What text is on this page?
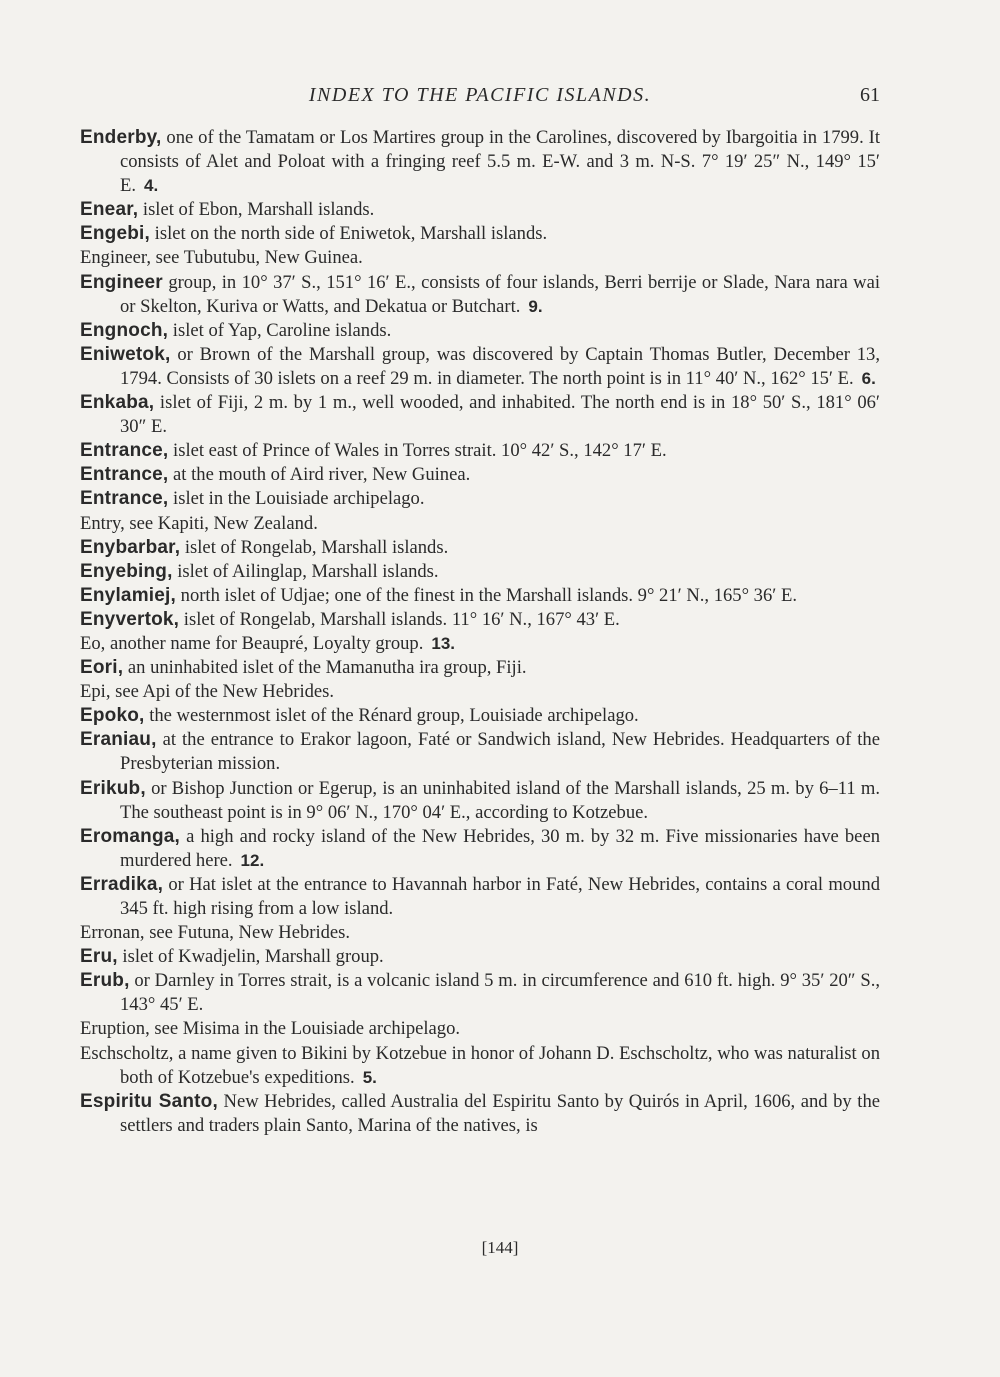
INDEX TO THE PACIFIC ISLANDS.	61

Enderby, one of the Tamatam or Los Martires group in the Carolines, discovered by Ibargoitia in 1799. It consists of Alet and Poloat with a fringing reef 5.5 m. E-W. and 3 m. N-S. 7° 19′ 25″ N., 149° 15′ E. 4.

Enear, islet of Ebon, Marshall islands.

Engebi, islet on the north side of Eniwetok, Marshall islands.

Engineer, see Tubutubu, New Guinea.

Engineer group, in 10° 37′ S., 151° 16′ E., consists of four islands, Berri berrije or Slade, Nara nara wai or Skelton, Kuriva or Watts, and Dekatua or Butchart. 9.

Engnoch, islet of Yap, Caroline islands.

Eniwetok, or Brown of the Marshall group, was discovered by Captain Thomas Butler, December 13, 1794. Consists of 30 islets on a reef 29 m. in diameter. The north point is in 11° 40′ N., 162° 15′ E. 6.

Enkaba, islet of Fiji, 2 m. by 1 m., well wooded, and inhabited. The north end is in 18° 50′ S., 181° 06′ 30″ E.

Entrance, islet east of Prince of Wales in Torres strait. 10° 42′ S., 142° 17′ E.

Entrance, at the mouth of Aird river, New Guinea.

Entrance, islet in the Louisiade archipelago.

Entry, see Kapiti, New Zealand.

Enybarbar, islet of Rongelab, Marshall islands.

Enyebing, islet of Ailinglap, Marshall islands.

Enylamiej, north islet of Udjae; one of the finest in the Marshall islands. 9° 21′ N., 165° 36′ E.

Enyvertok, islet of Rongelab, Marshall islands. 11° 16′ N., 167° 43′ E.

Eo, another name for Beaupré, Loyalty group. 13.

Eori, an uninhabited islet of the Mamanutha ira group, Fiji.

Epi, see Api of the New Hebrides.

Epoko, the westernmost islet of the Rénard group, Louisiade archipelago.

Eraniau, at the entrance to Erakor lagoon, Faté or Sandwich island, New Hebrides. Headquarters of the Presbyterian mission.

Erikub, or Bishop Junction or Egerup, is an uninhabited island of the Marshall islands, 25 m. by 6–11 m. The southeast point is in 9° 06′ N., 170° 04′ E., according to Kotzebue.

Eromanga, a high and rocky island of the New Hebrides, 30 m. by 32 m. Five missionaries have been murdered here. 12.

Erradika, or Hat islet at the entrance to Havannah harbor in Faté, New Hebrides, contains a coral mound 345 ft. high rising from a low island.

Erronan, see Futuna, New Hebrides.

Eru, islet of Kwadjelin, Marshall group.

Erub, or Darnley in Torres strait, is a volcanic island 5 m. in circumference and 610 ft. high. 9° 35′ 20″ S., 143° 45′ E.

Eruption, see Misima in the Louisiade archipelago.

Eschscholtz, a name given to Bikini by Kotzebue in honor of Johann D. Eschscholtz, who was naturalist on both of Kotzebue's expeditions. 5.

Espiritu Santo, New Hebrides, called Australia del Espiritu Santo by Quirós in April, 1606, and by the settlers and traders plain Santo, Marina of the natives, is

[144]
